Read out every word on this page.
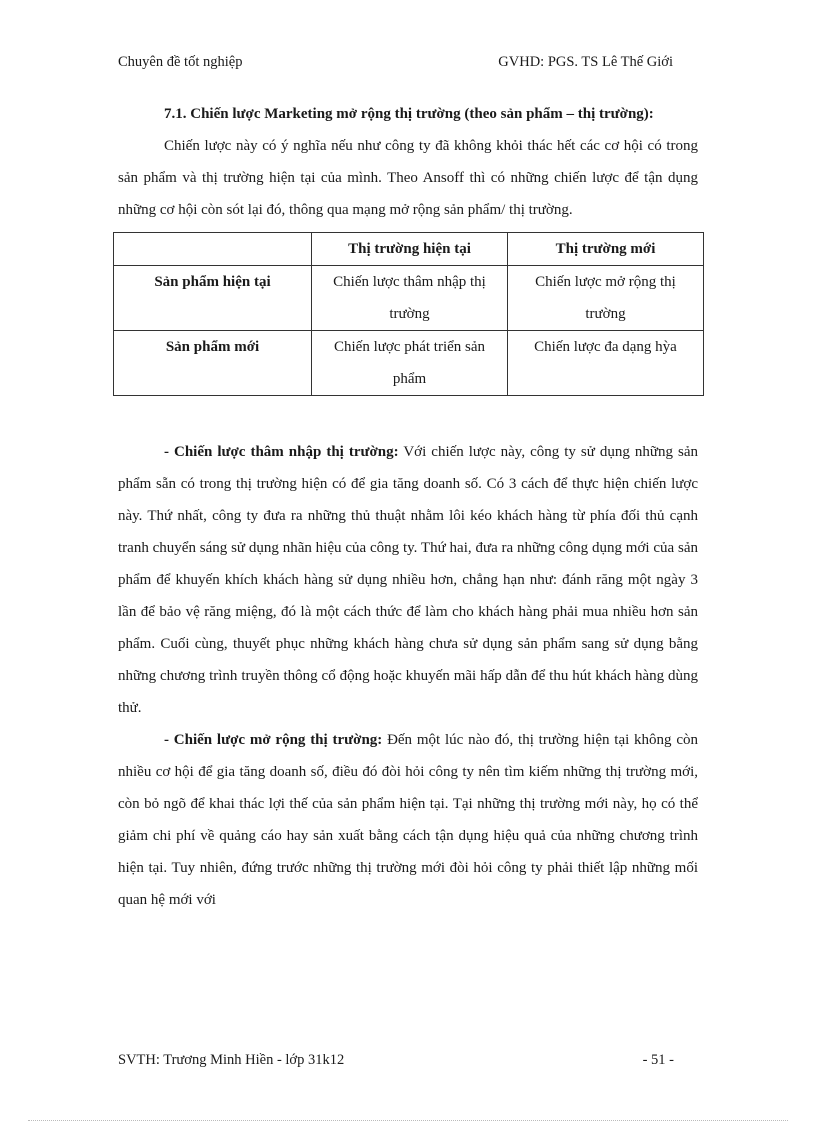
Chuyên đề tốt nghiệp	GVHD: PGS. TS Lê Thế Giới

7.1. Chiến lược Marketing mở rộng thị trường (theo sản phẩm – thị trường):

Chiến lược này có ý nghĩa nếu như công ty đã không khỏi thác hết các cơ hội có trong sản phẩm và thị trường hiện tại của mình. Theo Ansoff thì có những chiến lược để tận dụng những cơ hội còn sót lại đó, thông qua mạng mở rộng sản phẩm/ thị trường.

	Thị trường hiện tại	Thị trường mới
Sản phẩm hiện tại	Chiến lược thâm nhập thị trường	Chiến lược mở rộng thị trường
Sản phẩm mới	Chiến lược phát triển sản phẩm	Chiến lược đa dạng hỳa

- Chiến lược thâm nhập thị trường: Với chiến lược này, công ty sử dụng những sản phẩm sẵn có trong thị trường hiện có để gia tăng doanh số. Có 3 cách để thực hiện chiến lược này. Thứ nhất, công ty đưa ra những thủ thuật nhằm lôi kéo khách hàng từ phía đối thủ cạnh tranh chuyển sáng sử dụng nhãn hiệu của công ty. Thứ hai, đưa ra những công dụng mới của sản phẩm để khuyến khích khách hàng sử dụng nhiều hơn, chẳng hạn như: đánh răng một ngày 3 lần để bảo vệ răng miệng, đó là một cách thức để làm cho khách hàng phải mua nhiều hơn sản phẩm. Cuối cùng, thuyết phục những khách hàng chưa sử dụng sản phẩm sang sử dụng bằng những chương trình truyền thông cổ động hoặc khuyến mãi hấp dẫn để thu hút khách hàng dùng thử.

- Chiến lược mở rộng thị trường: Đến một lúc nào đó, thị trường hiện tại không còn nhiều cơ hội để gia tăng doanh số, điều đó đòi hỏi công ty nên tìm kiếm những thị trường mới, còn bỏ ngõ để khai thác lợi thế của sản phẩm hiện tại. Tại những thị trường mới này, họ có thể giảm chi phí về quảng cáo hay sản xuất bằng cách tận dụng hiệu quả của những chương trình hiện tại. Tuy nhiên, đứng trước những thị trường mới đòi hỏi công ty phải thiết lập những mối quan hệ mới với

SVTH: Trương Minh Hiền - lớp 31k12	- 51 -
